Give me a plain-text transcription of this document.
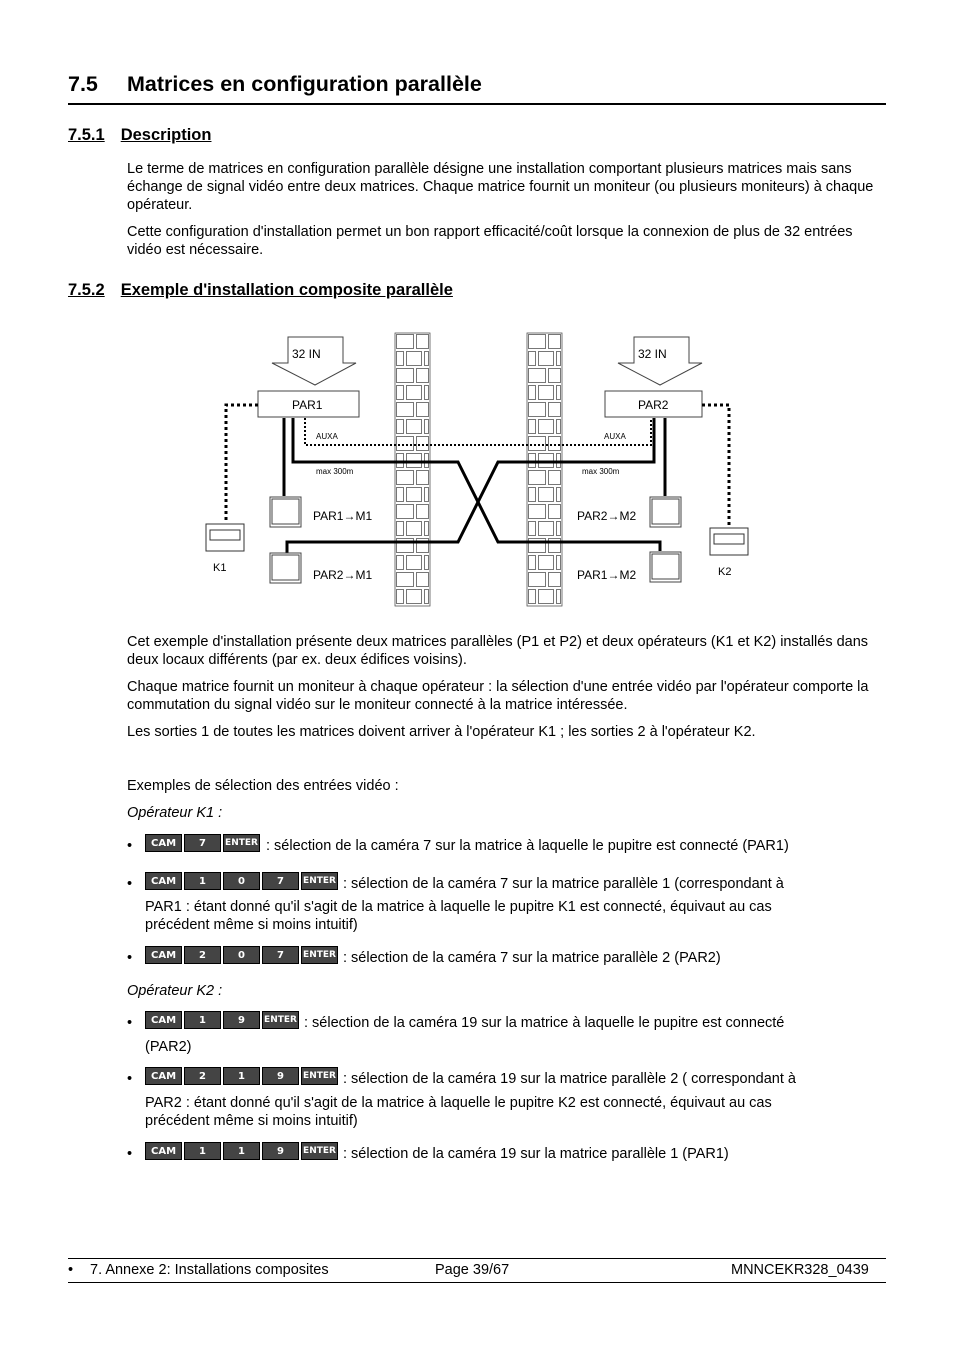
7.5 Matrices en configuration parallèle
7.5.1 Description
Le terme de matrices en configuration parallèle désigne une installation comportant plusieurs matrices mais sans échange de signal vidéo entre deux matrices. Chaque matrice fournit un moniteur (ou plusieurs moniteurs) à chaque opérateur.
Cette configuration d'installation permet un bon rapport efficacité/coût lorsque la connexion de plus de 32 entrées vidéo est nécessaire.
7.5.2 Exemple d'installation composite parallèle
32 IN	32 IN
PAR1	PAR2
AUXA	AUXA
max 300m	max 300m
PAR1→M1
PAR2→M1
PAR2→M2
PAR1→M2
K1	K2
Cet exemple d'installation présente deux matrices parallèles (P1 et P2) et deux opérateurs (K1 et K2) installés dans deux locaux différents (par ex. deux édifices voisins).
Chaque matrice fournit un moniteur à chaque opérateur : la sélection d'une entrée vidéo par l'opérateur comporte la commutation du signal vidéo sur le moniteur connecté à la matrice intéressée.
Les sorties 1 de toutes les matrices doivent arriver à l'opérateur K1 ; les sorties 2 à l'opérateur K2.
Exemples de sélection des entrées vidéo :
Opérateur K1 :
•	CAM	7	ENTER : sélection de la caméra 7 sur la matrice à laquelle le pupitre est connecté (PAR1)
•	CAM	1	0	7	ENTER : sélection de la caméra 7 sur la matrice parallèle 1 (correspondant à
PAR1 : étant donné qu'il s'agit de la matrice à laquelle le pupitre K1 est connecté, équivaut au cas
précédent même si moins intuitif)
•	CAM	2	0	7	ENTER : sélection de la caméra 7 sur la matrice parallèle 2 (PAR2)
Opérateur K2 :
•	CAM	1	9	ENTER : sélection de la caméra 19 sur la matrice à laquelle le pupitre est connecté
(PAR2)
•	CAM	2	1	9	ENTER : sélection de la caméra 19 sur la matrice parallèle 2 ( correspondant à
PAR2 : étant donné qu'il s'agit de la matrice à laquelle le pupitre K2 est connecté, équivaut au cas
précédent même si moins intuitif)
•	CAM	1	1	9	ENTER : sélection de la caméra 19 sur la matrice parallèle 1 (PAR1)
• 7. Annexe 2: Installations composites	Page 39/67	MNNCEKR328_0439
